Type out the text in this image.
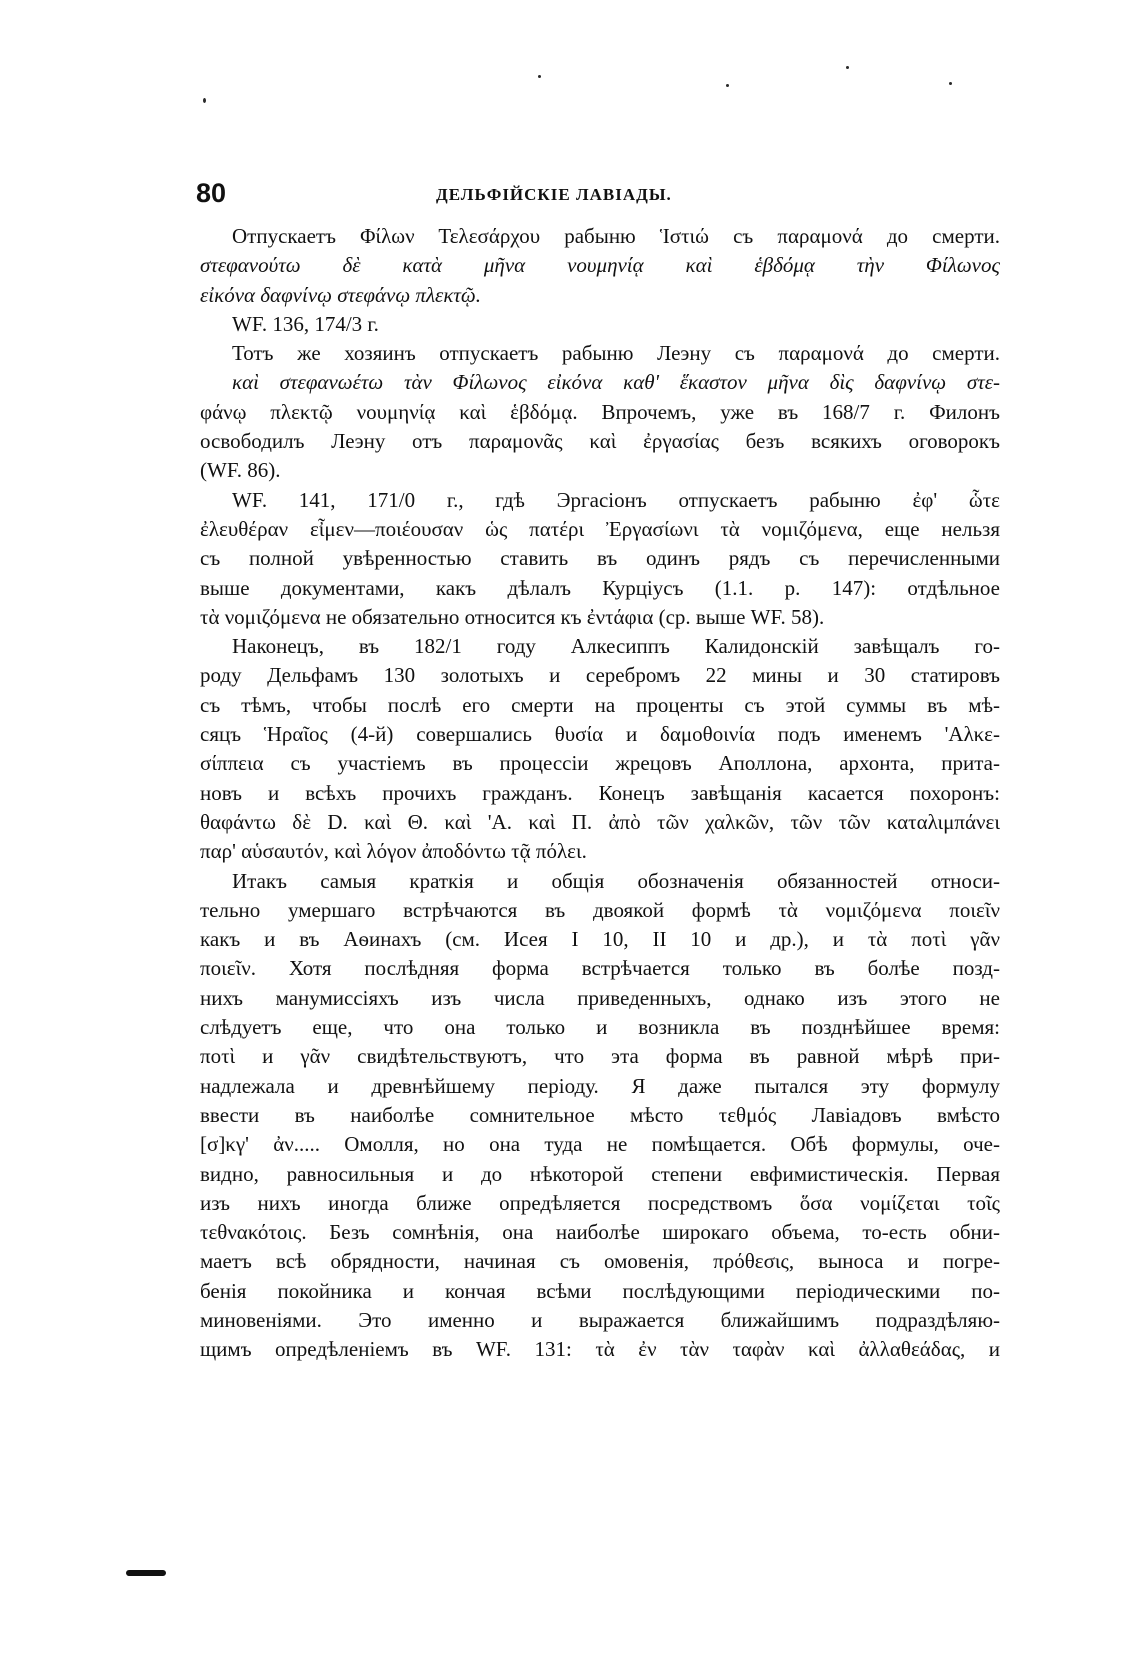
80	ДЕЛЬФІЙСКІЕ ЛАВІАДЫ.
Отпускаетъ Φίλων Τελεσάρχου рабыню Ἱστιώ съ παραμονά до смерти.
στεφανούτω δὲ κατὰ μῆνα νουμηνίᾳ καὶ ἑβδόμᾳ τὴν Φίλωνος
εἰκόνα δαφνίνῳ στεφάνῳ πλεκτῷ.
WF. 136, 174/3 г.
Тотъ же хозяинъ отпускаетъ рабыню Леэну съ παραμονά до смерти.
καὶ στεφανωέτω τὰν Φίλωνος εἰκόνα καθ' ἕκαστον μῆνα δὶς δαφνίνῳ στε-
φάνῳ πλεκτῷ νουμηνίᾳ καὶ ἑβδόμᾳ. Впрочемъ, уже въ 168/7 г. Филонъ
освободилъ Леэну отъ παραμονᾶς καὶ ἐργασίας безъ всякихъ оговорокъ
(WF. 86).
WF. 141, 171/0 г., гдѣ Эргасіонъ отпускаетъ рабыню ἐφ' ὧτε
ἐλευθέραν εἶμεν—ποιέουσαν ὡς πατέρι Ἐργασίωνι τὰ νομιζόμενα, еще нельзя
съ полной увѣренностью ставить въ одинъ рядъ съ перечисленными
выше документами, какъ дѣлалъ Курціусъ (1.1. р. 147): отдѣльное
τὰ νομιζόμενα не обязательно относится къ ἐντάφια (ср. выше WF. 58).
Наконецъ, въ 182/1 году Алкесиппъ Калидонскій завѣщалъ го-
роду Дельфамъ 130 золотыхъ и серебромъ 22 мины и 30 статировъ
съ тѣмъ, чтобы послѣ его смерти на проценты съ этой суммы въ мѣ-
сяцъ Ἡραῖος (4-й) совершались θυσία и δαμοθοινία подъ именемъ 'Αλκε-
σίππεια съ участіемъ въ процессіи жрецовъ Аполлона, архонта, прита-
новъ и всѣхъ прочихъ гражданъ. Конецъ завѣщанія касается похоронъ:
θαφάντω δὲ D. καὶ Θ. καὶ 'Α. καὶ Π. ἀπὸ τῶν χαλκῶν, τῶν τῶν καταλιμπάνει
παρ' αὑσαυτόν, καὶ λόγον ἀποδόντω τᾷ πόλει.
Итакъ самыя краткія и общія обозначенія обязанностей относи-
тельно умершаго встрѣчаются въ двоякой формѣ τὰ νομιζόμενα ποιεῖν
какъ и въ Аѳинахъ (см. Исея I 10, II 10 и др.), и τὰ ποτὶ γᾶν
ποιεῖν. Хотя послѣдняя форма встрѣчается только въ болѣе позд-
нихъ манумиссіяхъ изъ числа приведенныхъ, однако изъ этого не
слѣдуетъ еще, что она только и возникла въ позднѣйшее время:
ποτὶ и γᾶν свидѣтельствуютъ, что эта форма въ равной мѣрѣ при-
надлежала и древнѣйшему періоду. Я даже пытался эту формулу
ввести въ наиболѣе сомнительное мѣсто τεθμός Лавіадовъ вмѣсто
[σ]κγ' ἀν..... Омолля, но она туда не помѣщается. Обѣ формулы, оче-
видно, равносильныя и до нѣкоторой степени евфимистическія. Первая
изъ нихъ иногда ближе опредѣляется посредствомъ ὅσα νομίζεται τοῖς
τεθνακότοις. Безъ сомнѣнія, она наиболѣе широкаго объема, то-есть обни-
маетъ всѣ обрядности, начиная съ омовенія, πρόθεσις, выноса и погре-
бенія покойника и кончая всѣми послѣдующими періодическими по-
миновеніями. Это именно и выражается ближайшимъ подраздѣляю-
щимъ опредѣленіемъ въ WF. 131: τὰ ἐν τὰν ταφὰν καὶ ἀλλαθεάδας, и
